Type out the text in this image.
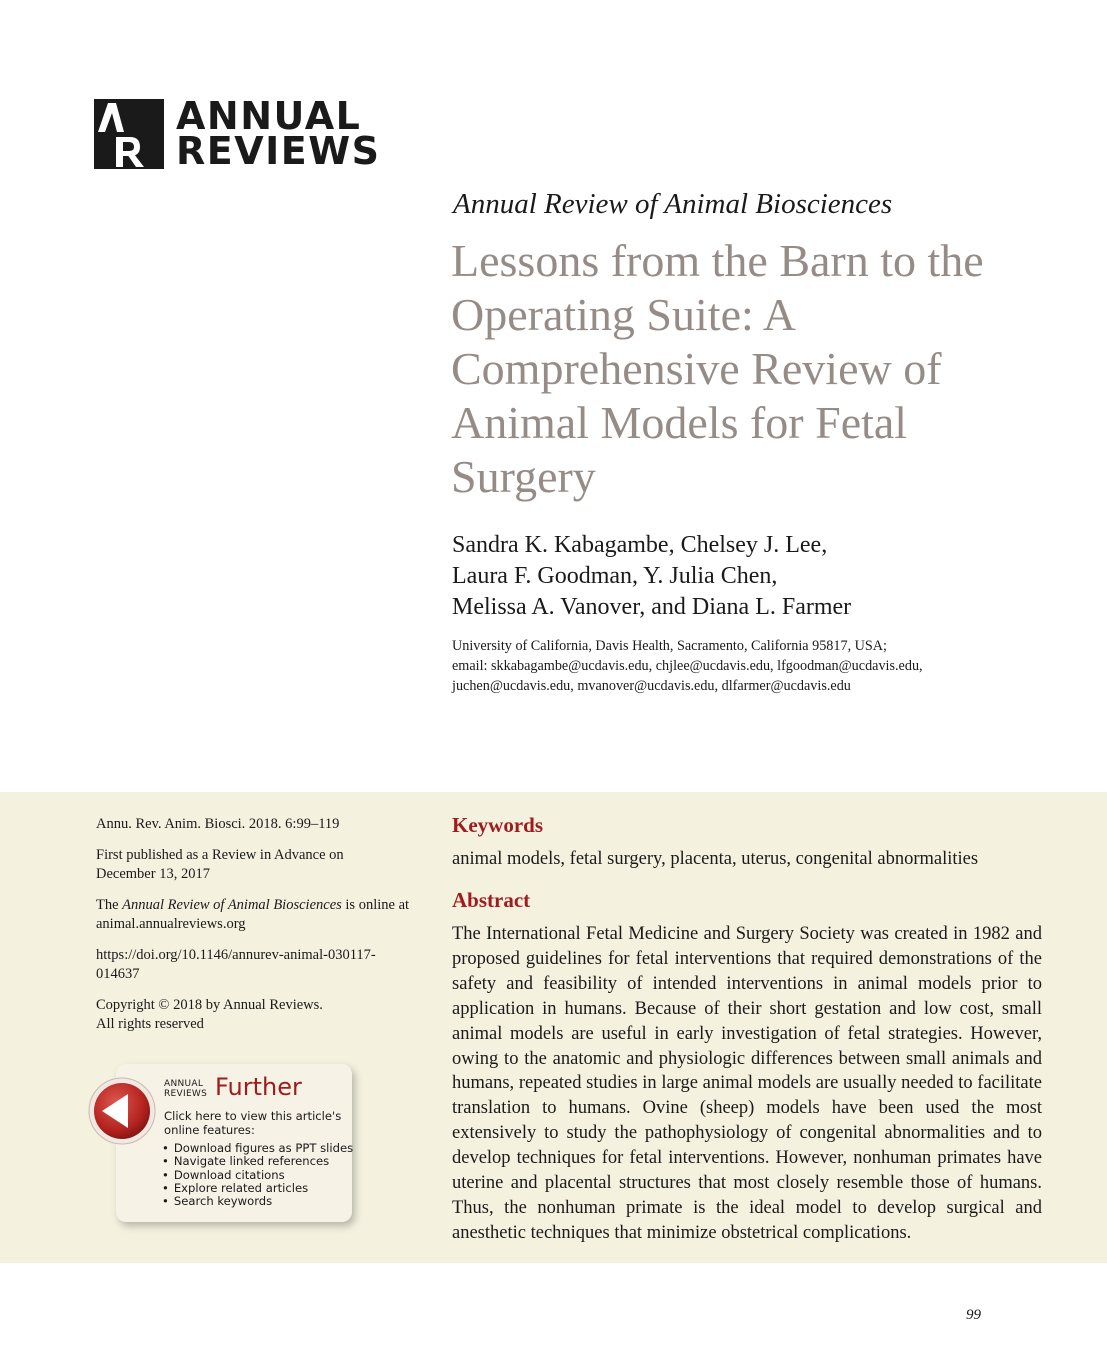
ANNUAL
REVIEWS
Annual Review of Animal Biosciences
Lessons from the Barn to the Operating Suite: A Comprehensive Review of Animal Models for Fetal Surgery
Sandra K. Kabagambe, Chelsey J. Lee,
Laura F. Goodman, Y. Julia Chen,
Melissa A. Vanover, and Diana L. Farmer
University of California, Davis Health, Sacramento, California 95817, USA;
email: skkabagambe@ucdavis.edu, chjlee@ucdavis.edu, lfgoodman@ucdavis.edu,
juchen@ucdavis.edu, mvanover@ucdavis.edu, dlfarmer@ucdavis.edu

Annu. Rev. Anim. Biosci. 2018. 6:99–119

First published as a Review in Advance on
December 13, 2017

The Annual Review of Animal Biosciences is online at
animal.annualreviews.org

https://doi.org/10.1146/annurev-animal-030117-
014637

Copyright © 2018 by Annual Reviews.
All rights reserved

ANNUAL
REVIEWS Further
Click here to view this article's online features:
• Download figures as PPT slides
• Navigate linked references
• Download citations
• Explore related articles
• Search keywords
Keywords
animal models, fetal surgery, placenta, uterus, congenital abnormalities
Abstract
The International Fetal Medicine and Surgery Society was created in 1982 and proposed guidelines for fetal interventions that required demonstrations of the safety and feasibility of intended interventions in animal models prior to application in humans. Because of their short gestation and low cost, small animal models are useful in early investigation of fetal strategies. However, owing to the anatomic and physiologic differences between small animals and humans, repeated studies in large animal models are usually needed to facilitate translation to humans. Ovine (sheep) models have been used the most extensively to study the pathophysiology of congenital abnormalities and to develop techniques for fetal interventions. However, nonhuman primates have uterine and placental structures that most closely resemble those of humans. Thus, the nonhuman primate is the ideal model to develop surgical and anesthetic techniques that minimize obstetrical complications.
99
